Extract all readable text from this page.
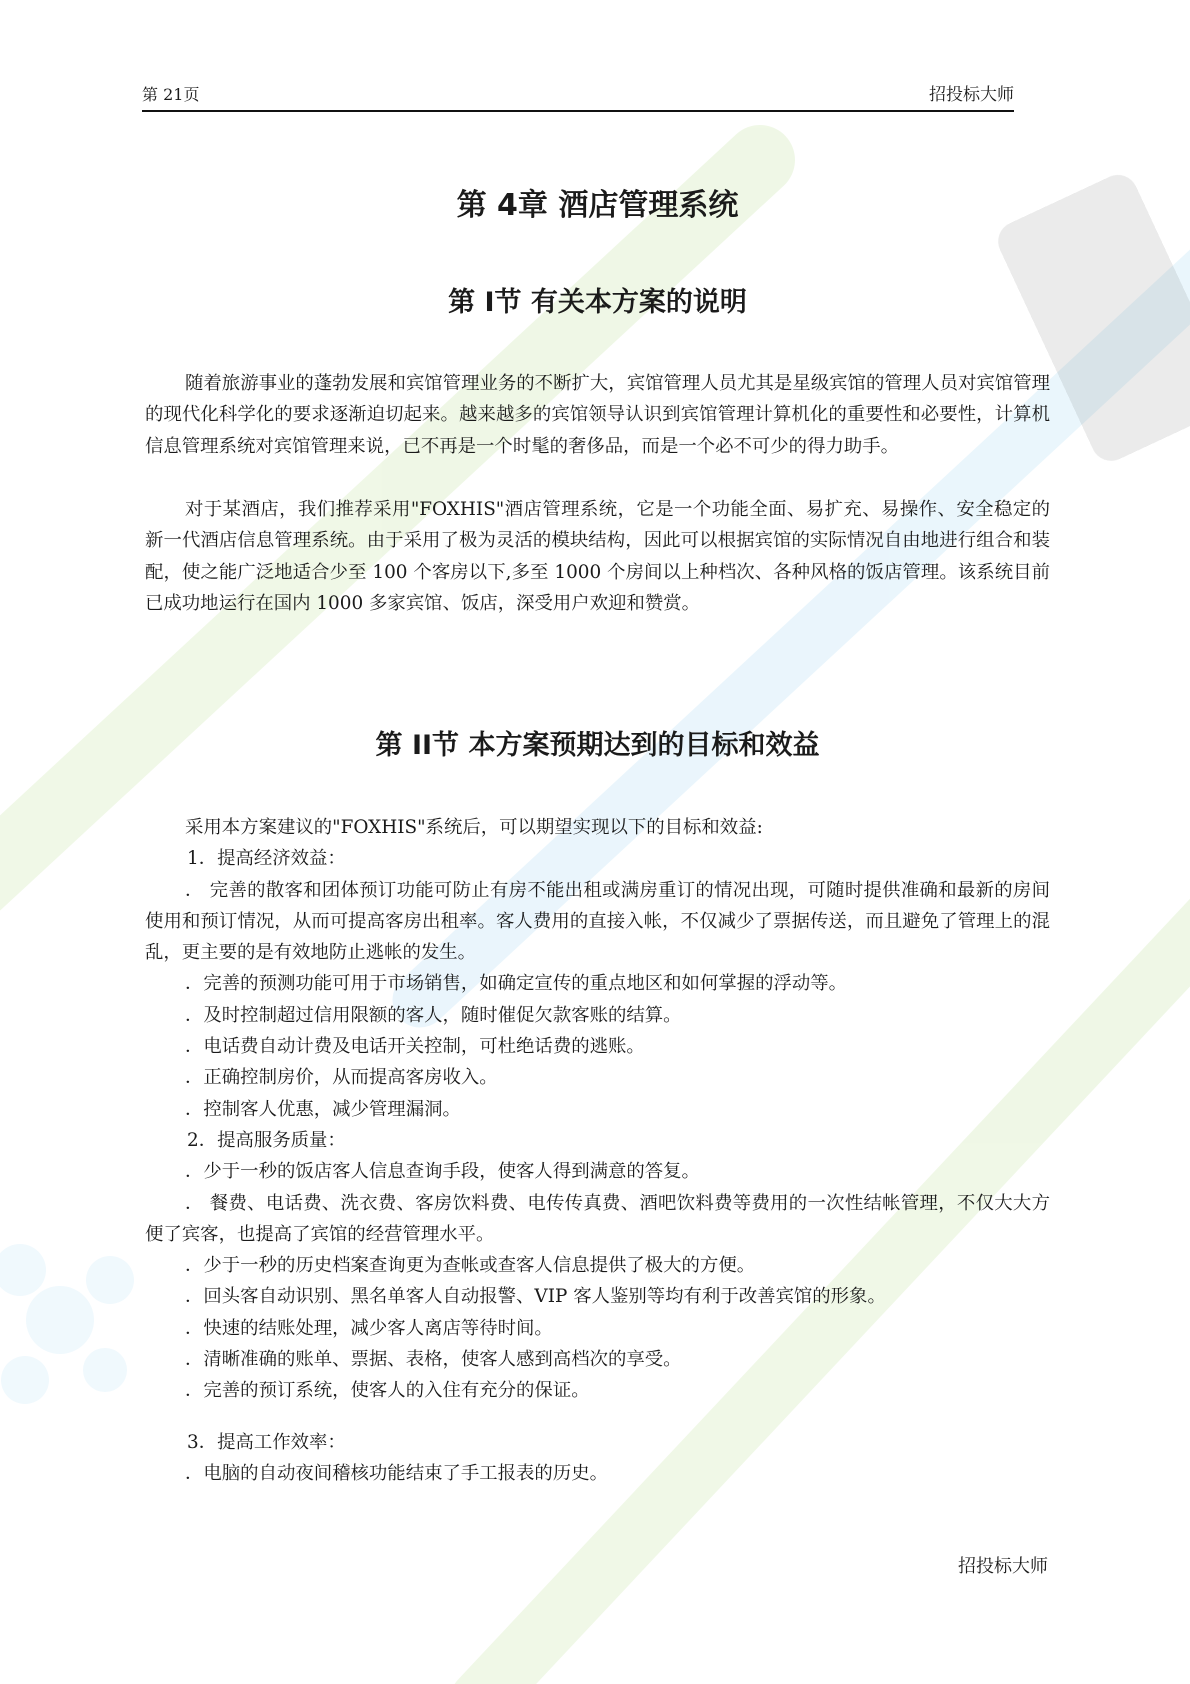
第 21页	招投标大师
第 4章 酒店管理系统
第 I节 有关本方案的说明

随着旅游事业的蓬勃发展和宾馆管理业务的不断扩大，宾馆管理人员尤其是星级宾馆的管理人员对宾馆管理的现代化科学化的要求逐渐迫切起来。越来越多的宾馆领导认识到宾馆管理计算机化的重要性和必要性，计算机信息管理系统对宾馆管理来说，已不再是一个时髦的奢侈品，而是一个必不可少的得力助手。

对于某酒店，我们推荐采用"FOXHIS"酒店管理系统，它是一个功能全面、易扩充、易操作、安全稳定的新一代酒店信息管理系统。由于采用了极为灵活的模块结构，因此可以根据宾馆的实际情况自由地进行组合和装配，使之能广泛地适合少至 100 个客房以下,多至 1000 个房间以上种档次、各种风格的饭店管理。该系统目前已成功地运行在国内 1000 多家宾馆、饭店，深受用户欢迎和赞赏。

第 II节 本方案预期达到的目标和效益
采用本方案建议的"FOXHIS"系统后，可以期望实现以下的目标和效益:
1．提高经济效益：
． 完善的散客和团体预订功能可防止有房不能出租或满房重订的情况出现，可随时提供准确和最新的房间使用和预订情况，从而可提高客房出租率。客人费用的直接入帐，不仅减少了票据传送，而且避免了管理上的混乱，更主要的是有效地防止逃帐的发生。
．完善的预测功能可用于市场销售，如确定宣传的重点地区和如何掌握的浮动等。
．及时控制超过信用限额的客人，随时催促欠款客账的结算。
．电话费自动计费及电话开关控制，可杜绝话费的逃账。
．正确控制房价，从而提高客房收入。
．控制客人优惠，减少管理漏洞。
2．提高服务质量：
．少于一秒的饭店客人信息查询手段，使客人得到满意的答复。
． 餐费、电话费、洗衣费、客房饮料费、电传传真费、酒吧饮料费等费用的一次性结帐管理，不仅大大方便了宾客，也提高了宾馆的经营管理水平。
．少于一秒的历史档案查询更为查帐或查客人信息提供了极大的方便。
．回头客自动识别、黑名单客人自动报警、VIP 客人鉴别等均有利于改善宾馆的形象。
．快速的结账处理，减少客人离店等待时间。
．清晰准确的账单、票据、表格，使客人感到高档次的享受。
．完善的预订系统，使客人的入住有充分的保证。
3．提高工作效率：
．电脑的自动夜间稽核功能结束了手工报表的历史。
招投标大师
